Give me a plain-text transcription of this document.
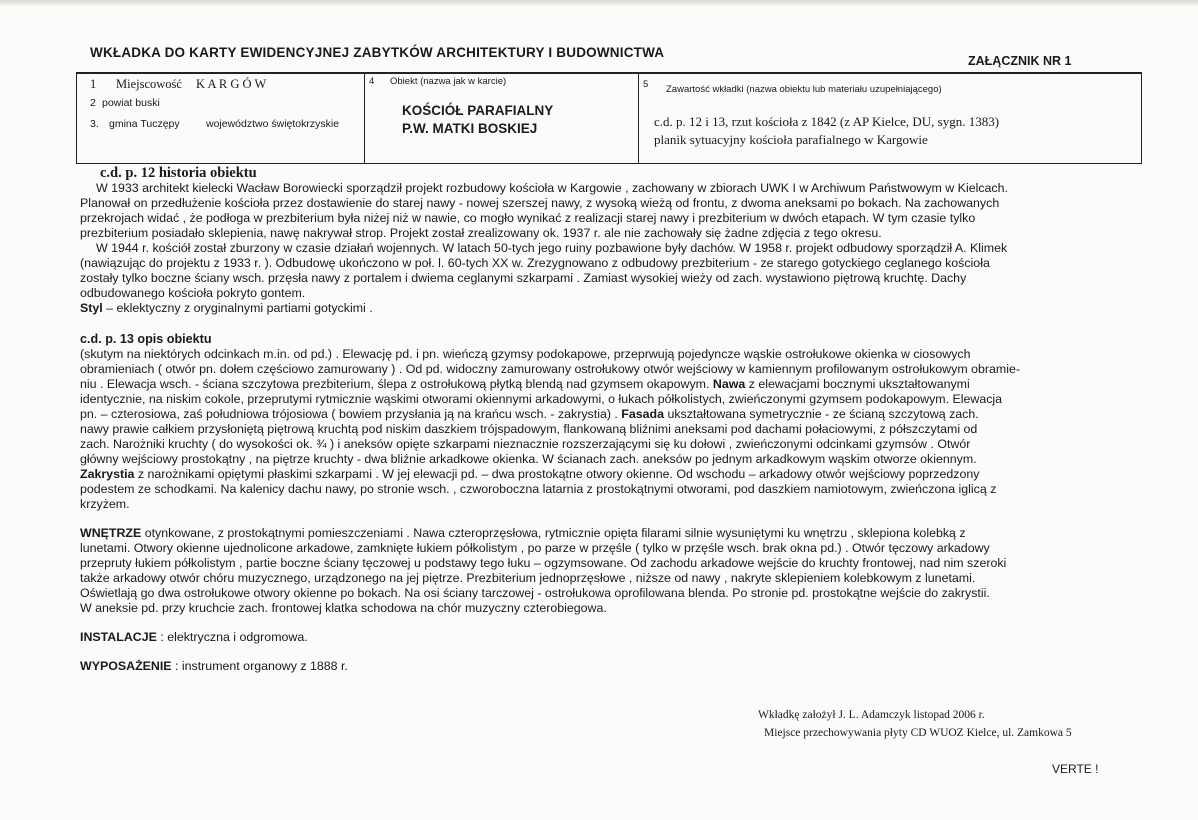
WKŁADKA DO KARTY EWIDENCYJNEJ ZABYTKÓW ARCHITEKTURY I BUDOWNICTWA
ZAŁĄCZNIK NR 1
1 Miejscowość K A R G Ó W
2 powiat buski
3. gmina Tuczępy	województwo świętokrzyskie
4 Obiekt (nazwa jak w karcie)
KOŚCIÓŁ PARAFIALNY
P.W. MATKI BOSKIEJ
5 Zawartość wkładki (nazwa obiektu lub materiału uzupełniającego)
c.d. p. 12 i 13, rzut kościoła z 1842 (z AP Kielce, DU, sygn. 1383)
planik sytuacyjny kościoła parafialnego w Kargowie

c.d. p. 12 historia obiektu

W 1933 architekt kielecki Wacław Borowiecki sporządził projekt rozbudowy kościoła w Kargowie , zachowany w zbiorach UWK I w Archiwum Państwowym w Kielcach.

Planował on przedłużenie kościoła przez dostawienie do starej nawy - nowej szerszej nawy, z wysoką wieżą od frontu, z dwoma aneksami po bokach. Na zachowanych

przekrojach widać , że podłoga w prezbiterium była niżej niż w nawie, co mogło wynikać z realizacji starej nawy i prezbiterium w dwóch etapach. W tym czasie tylko

prezbiterium posiadało sklepienia, nawę nakrywał strop. Projekt został zrealizowany ok. 1937 r. ale nie zachowały się żadne zdjęcia z tego okresu.

W 1944 r. kościół został zburzony w czasie działań wojennych. W latach 50-tych jego ruiny pozbawione były dachów. W 1958 r. projekt odbudowy sporządził A. Klimek

(nawiązując do projektu z 1933 r. ). Odbudowę ukończono w poł. l. 60-tych XX w. Zrezygnowano z odbudowy prezbiterium - ze starego gotyckiego ceglanego kościoła

zostały tylko boczne ściany wsch. przęsła nawy z portalem i dwiema ceglanymi szkarpami . Zamiast wysokiej wieży od zach. wystawiono piętrową kruchtę. Dachy

odbudowanego kościoła pokryto gontem.

Styl – eklektyczny z oryginalnymi partiami gotyckimi .

c.d. p. 13 opis obiektu

(skutym na niektórych odcinkach m.in. od pd.) . Elewację pd. i pn. wieńczą gzymsy podokapowe, przeprwują pojedyncze wąskie ostrołukowe okienka w ciosowych

obramieniach ( otwór pn. dołem częściowo zamurowany ) . Od pd. widoczny zamurowany ostrołukowy otwór wejściowy w kamiennym profilowanym ostrołukowym obramie-

niu . Elewacja wsch. - ściana szczytowa prezbiterium, ślepa z ostrołukową płytką blendą nad gzymsem okapowym. Nawa z elewacjami bocznymi ukształtowanymi

identycznie, na niskim cokole, przeprutymi rytmicznie wąskimi otworami okiennymi arkadowymi, o łukach półkolistych, zwieńczonymi gzymsem podokapowym. Elewacja

pn. – czterosiowa, zaś południowa trójosiowa ( bowiem przysłania ją na krańcu wsch. - zakrystia) . Fasada ukształtowana symetrycznie - ze ścianą szczytową zach.

nawy prawie całkiem przysłoniętą piętrową kruchtą pod niskim daszkiem trójspadowym, flankowaną bliźnimi aneksami pod dachami połaciowymi, z półszczytami od

zach. Narożniki kruchty ( do wysokości ok. ¾ ) i aneksów opięte szkarpami nieznacznie rozszerzającymi się ku dołowi , zwieńczonymi odcinkami gzymsów . Otwór

główny wejściowy prostokątny , na piętrze kruchty - dwa bliźnie arkadkowe okienka. W ścianach zach. aneksów po jednym arkadkowym wąskim otworze okiennym.

Zakrystia z narożnikami opiętymi płaskimi szkarpami . W jej elewacji pd. – dwa prostokątne otwory okienne. Od wschodu – arkadowy otwór wejściowy poprzedzony

podestem ze schodkami. Na kalenicy dachu nawy, po stronie wsch. , czworoboczna latarnia z prostokątnymi otworami, pod daszkiem namiotowym, zwieńczona iglicą z

krzyżem.

WNĘTRZE otynkowane, z prostokątnymi pomieszczeniami . Nawa czteroprzęsłowa, rytmicznie opięta filarami silnie wysuniętymi ku wnętrzu , sklepiona kolebką z

lunetami. Otwory okienne ujednolicone arkadowe, zamknięte łukiem półkolistym , po parze w przęśle ( tylko w przęśle wsch. brak okna pd.) . Otwór tęczowy arkadowy

przepruty łukiem półkolistym , partie boczne ściany tęczowej u podstawy tego łuku – ogzymsowane. Od zachodu arkadowe wejście do kruchty frontowej, nad nim szeroki

także arkadowy otwór chóru muzycznego, urządzonego na jej piętrze. Prezbiterium jednoprzęsłowe , niższe od nawy , nakryte sklepieniem kolebkowym z lunetami.

Oświetlają go dwa ostrołukowe otwory okienne po bokach. Na osi ściany tarczowej - ostrołukowa oprofilowana blenda. Po stronie pd. prostokątne wejście do zakrystii.

W aneksie pd. przy kruchcie zach. frontowej klatka schodowa na chór muzyczny czterobiegowa.

INSTALACJE : elektryczna i odgromowa.

WYPOSAŻENIE : instrument organowy z 1888 r.

Wkładkę założył J. L. Adamczyk listopad 2006 r.
Miejsce przechowywania płyty CD WUOZ Kielce, ul. Zamkowa 5
VERTE !
